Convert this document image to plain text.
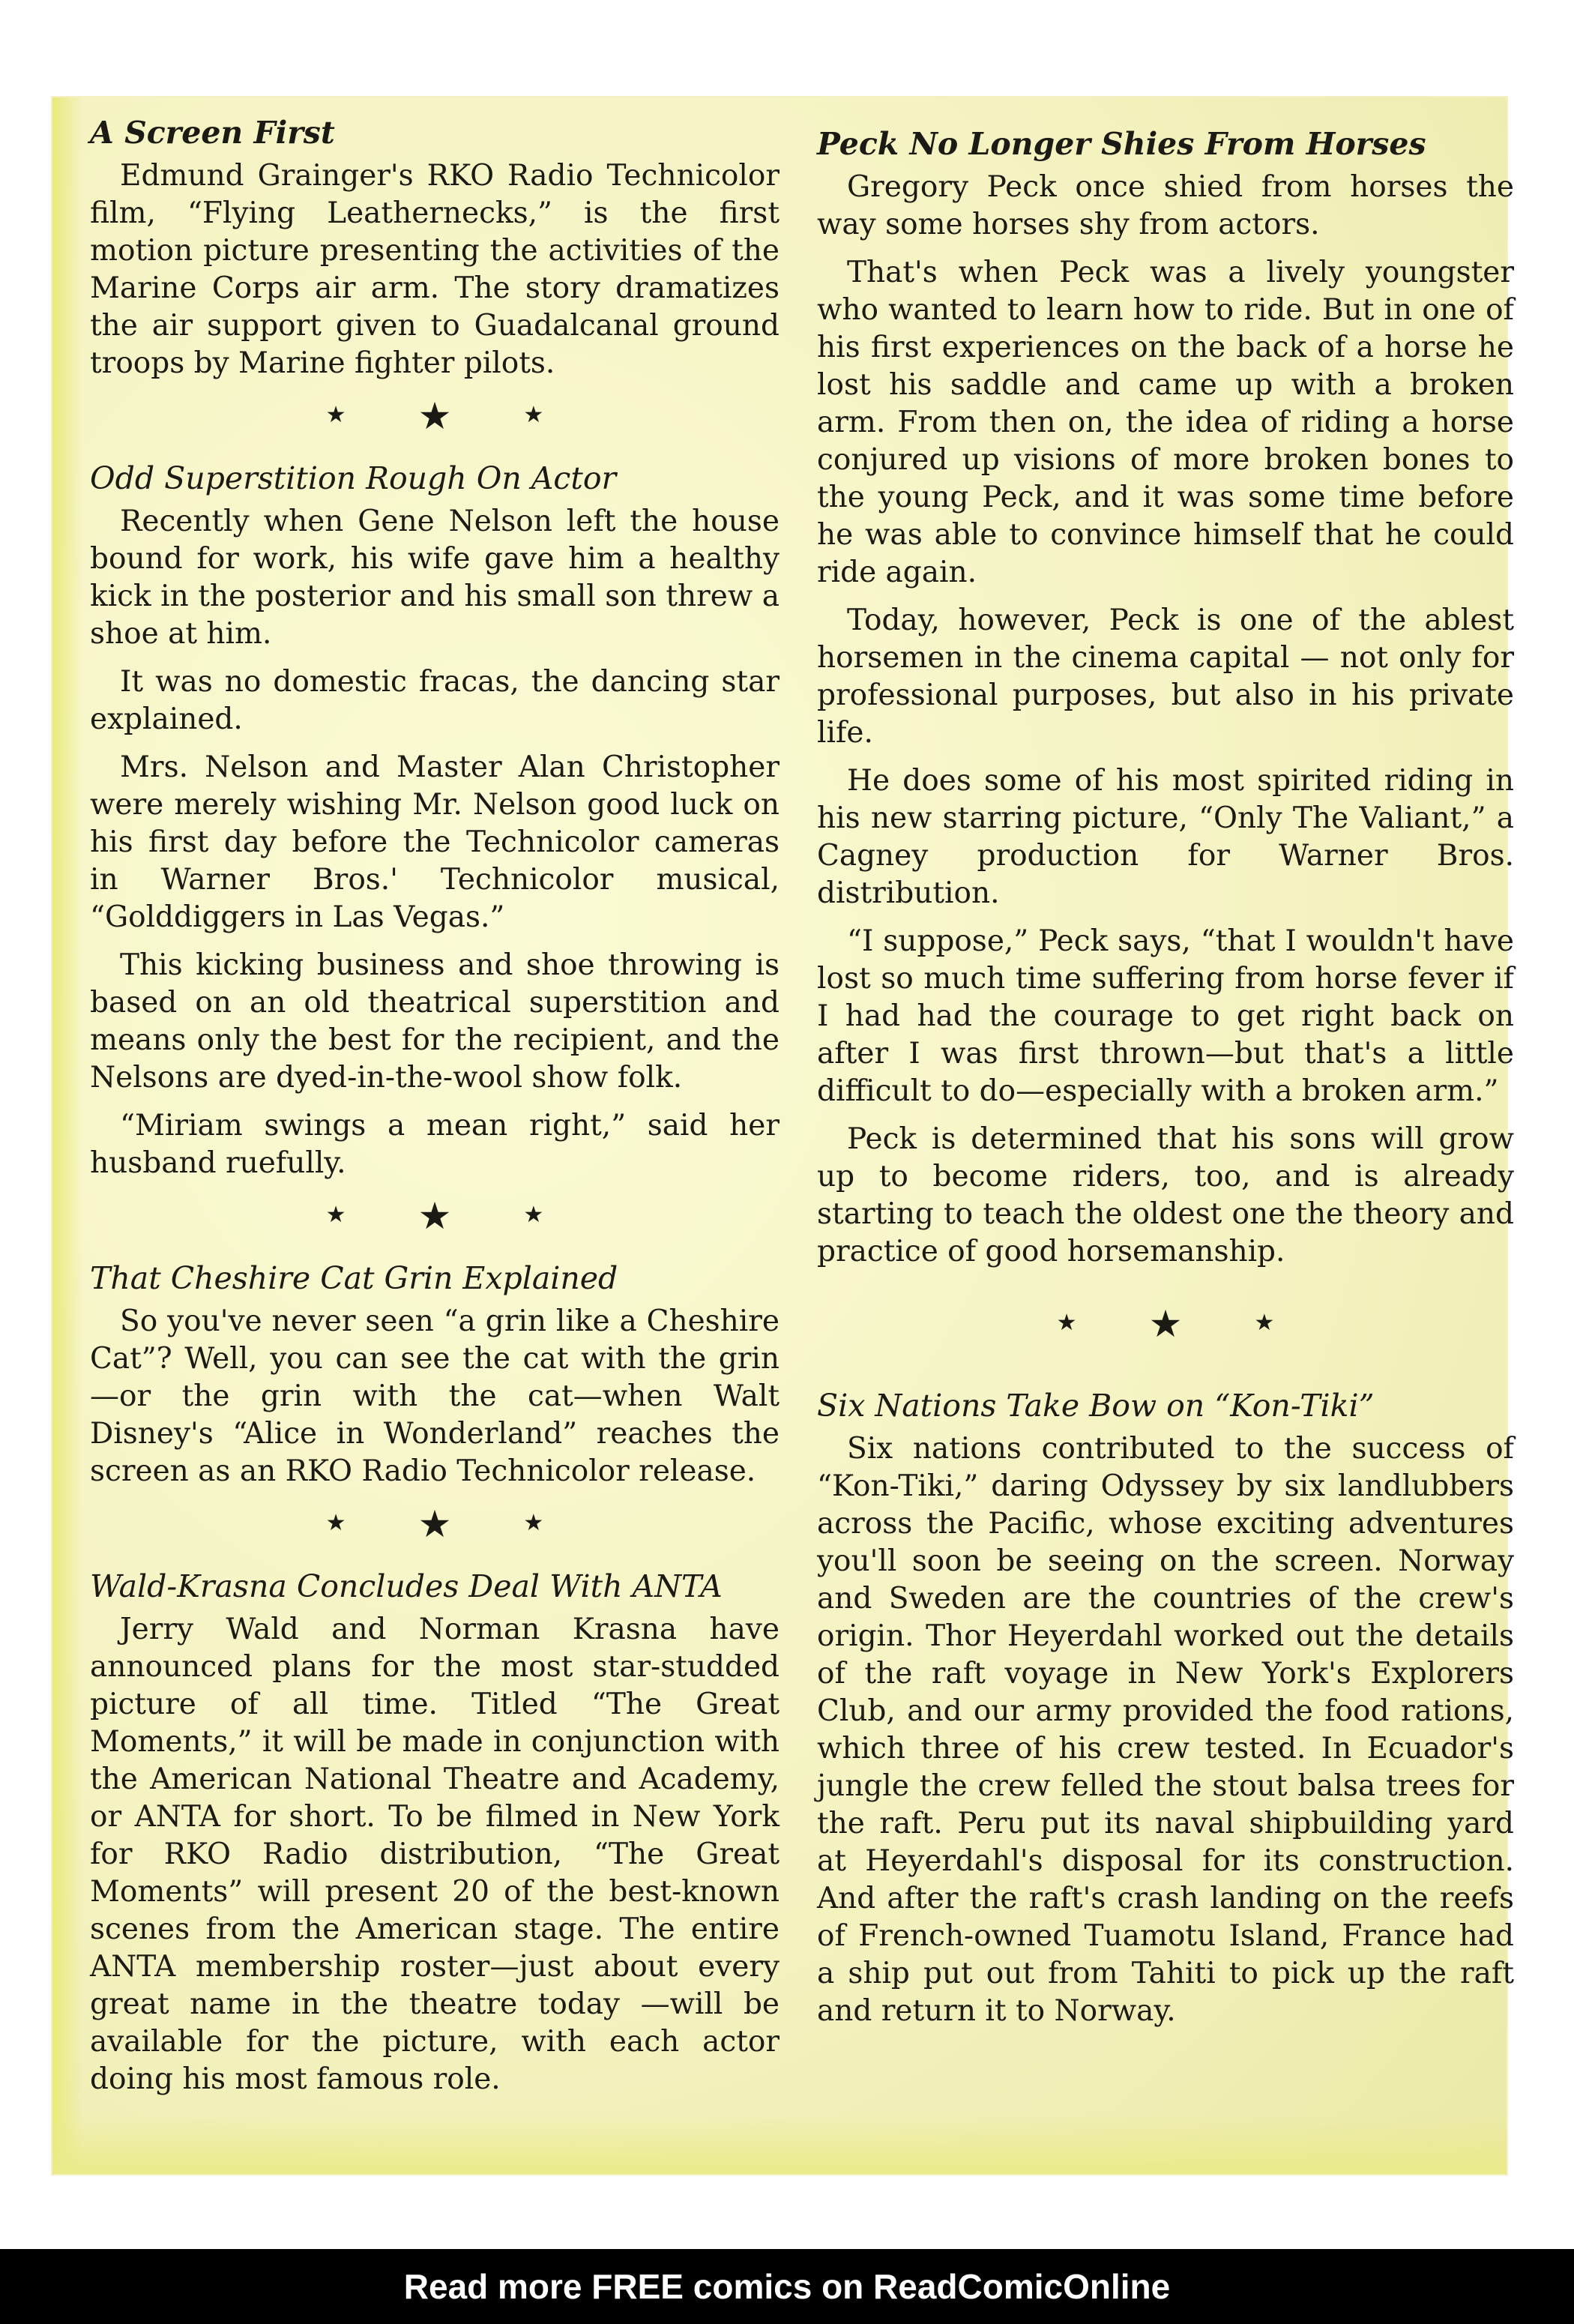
A Screen First

Edmund Grainger's RKO Radio Technicolor film, “Flying Leathernecks,” is the first motion picture presenting the activities of the Marine Corps air arm. The story dramatizes the air support given to Guadalcanal ground troops by Marine fighter pilots.

★ ★	★
Odd Superstition Rough On Actor

Recently when Gene Nelson left the house bound for work, his wife gave him a healthy kick in the posterior and his small son threw a shoe at him.

It was no domestic fracas, the dancing star explained.

Mrs. Nelson and Master Alan Christopher were merely wishing Mr. Nelson good luck on his first day before the Technicolor cameras in Warner Bros.' Technicolor musical, “Golddiggers in Las Vegas.”

This kicking business and shoe throwing is based on an old theatrical superstition and means only the best for the recipient, and the Nelsons are dyed-in-the-wool show folk.

“Miriam swings a mean right,” said her husband ruefully.

★ ★	★
That Cheshire Cat Grin Explained

So you've never seen “a grin like a Cheshire Cat”? Well, you can see the cat with the grin—or the grin with the cat—when Walt Disney's “Alice in Wonderland” reaches the screen as an RKO Radio Technicolor release.

★ ★	★
Wald-Krasna Concludes Deal With ANTA

Jerry Wald and Norman Krasna have announced plans for the most star-studded picture of all time. Titled “The Great Moments,” it will be made in conjunction with the American National Theatre and Academy, or ANTA for short. To be filmed in New York for RKO Radio distribution, “The Great Moments” will present 20 of the best-known scenes from the American stage. The entire ANTA membership roster—just about every great name in the theatre today —will be available for the picture, with each actor doing his most famous role.

Peck No Longer Shies From Horses

Gregory Peck once shied from horses the way some horses shy from actors.

That's when Peck was a lively youngster who wanted to learn how to ride. But in one of his first experiences on the back of a horse he lost his saddle and came up with a broken arm. From then on, the idea of riding a horse conjured up visions of more broken bones to the young Peck, and it was some time before he was able to convince himself that he could ride again.

Today, however, Peck is one of the ablest horsemen in the cinema capital — not only for professional purposes, but also in his private life.

He does some of his most spirited riding in his new starring picture, “Only The Valiant,” a Cagney production for Warner Bros. distribution.

“I suppose,” Peck says, “that I wouldn't have lost so much time suffering from horse fever if I had had the courage to get right back on after I was first thrown—but that's a little difficult to do—especially with a broken arm.”

Peck is determined that his sons will grow up to become riders, too, and is already starting to teach the oldest one the theory and practice of good horsemanship.

★ ★	★
Six Nations Take Bow on “Kon-Tiki”

Six nations contributed to the success of “Kon-Tiki,” daring Odyssey by six landlubbers across the Pacific, whose exciting adventures you'll soon be seeing on the screen. Norway and Sweden are the countries of the crew's origin. Thor Heyerdahl worked out the details of the raft voyage in New York's Explorers Club, and our army provided the food rations, which three of his crew tested. In Ecuador's jungle the crew felled the stout balsa trees for the raft. Peru put its naval shipbuilding yard at Heyerdahl's disposal for its construction. And after the raft's crash landing on the reefs of French-owned Tuamotu Island, France had a ship put out from Tahiti to pick up the raft and return it to Norway.

Read more FREE comics on ReadComicOnline
